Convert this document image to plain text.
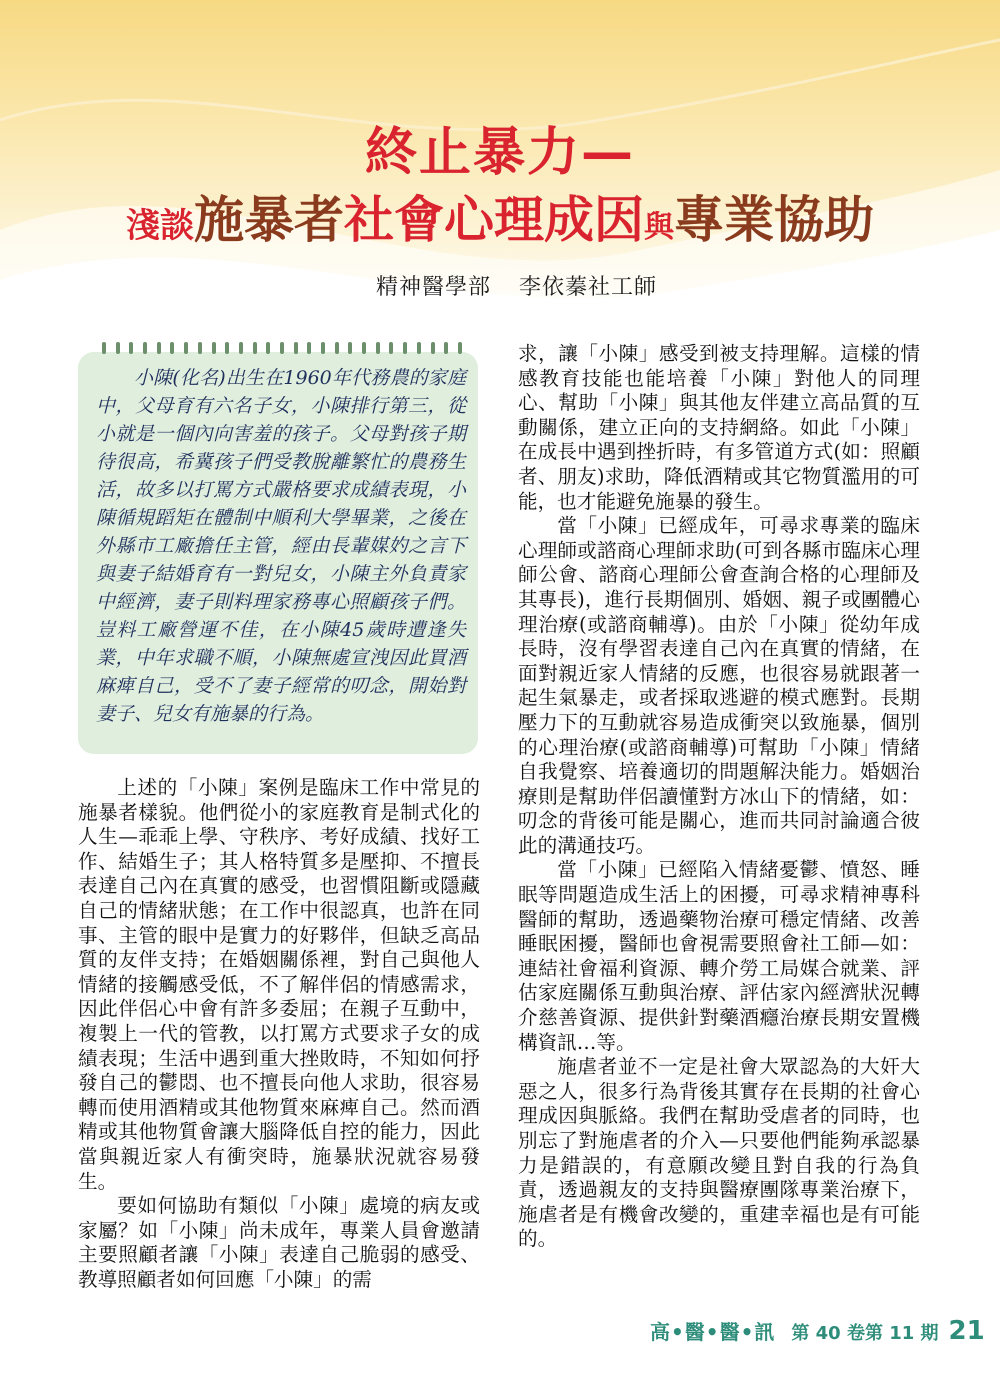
終止暴力—
淺談施暴者社會心理成因與專業協助
精神醫學部 李依蓁社工師
小陳(化名)出生在1960年代務農的家庭中，父母育有六名子女，小陳排行第三，從小就是一個內向害羞的孩子。父母對孩子期待很高，希冀孩子們受教脫離繁忙的農務生活，故多以打罵方式嚴格要求成績表現，小陳循規蹈矩在體制中順利大學畢業，之後在外縣市工廠擔任主管，經由長輩媒妁之言下與妻子結婚育有一對兒女，小陳主外負責家中經濟，妻子則料理家務專心照顧孩子們。豈料工廠營運不佳，在小陳45歲時遭逢失業，中年求職不順，小陳無處宣洩因此買酒麻痺自己，受不了妻子經常的叨念，開始對妻子、兒女有施暴的行為。

上述的「小陳」案例是臨床工作中常見的施暴者樣貌。他們從小的家庭教育是制式化的人生—乖乖上學、守秩序、考好成績、找好工作、結婚生子；其人格特質多是壓抑、不擅長表達自己內在真實的感受，也習慣阻斷或隱藏自己的情緒狀態；在工作中很認真，也許在同事、主管的眼中是實力的好夥伴，但缺乏高品質的友伴支持；在婚姻關係裡，對自己與他人情緒的接觸感受低，不了解伴侶的情感需求，因此伴侶心中會有許多委屈；在親子互動中，複製上一代的管教，以打罵方式要求子女的成績表現；生活中遇到重大挫敗時，不知如何抒發自己的鬱悶、也不擅長向他人求助，很容易轉而使用酒精或其他物質來麻痺自己。然而酒精或其他物質會讓大腦降低自控的能力，因此當與親近家人有衝突時，施暴狀況就容易發生。

要如何協助有類似「小陳」處境的病友或家屬？如「小陳」尚未成年，專業人員會邀請主要照顧者讓「小陳」表達自己脆弱的感受、教導照顧者如何回應「小陳」的需

求，讓「小陳」感受到被支持理解。這樣的情感教育技能也能培養「小陳」對他人的同理心、幫助「小陳」與其他友伴建立高品質的互動關係，建立正向的支持網絡。如此「小陳」在成長中遇到挫折時，有多管道方式(如：照顧者、朋友)求助，降低酒精或其它物質濫用的可能，也才能避免施暴的發生。

當「小陳」已經成年，可尋求專業的臨床心理師或諮商心理師求助(可到各縣市臨床心理師公會、諮商心理師公會查詢合格的心理師及其專長)，進行長期個別、婚姻、親子或團體心理治療(或諮商輔導)。由於「小陳」從幼年成長時，沒有學習表達自己內在真實的情緒，在面對親近家人情緒的反應，也很容易就跟著一起生氣暴走，或者採取逃避的模式應對。長期壓力下的互動就容易造成衝突以致施暴，個別的心理治療(或諮商輔導)可幫助「小陳」情緒自我覺察、培養適切的問題解決能力。婚姻治療則是幫助伴侶讀懂對方冰山下的情緒，如：叨念的背後可能是關心，進而共同討論適合彼此的溝通技巧。

當「小陳」已經陷入情緒憂鬱、憤怒、睡眠等問題造成生活上的困擾，可尋求精神專科醫師的幫助，透過藥物治療可穩定情緒、改善睡眠困擾，醫師也會視需要照會社工師—如：連結社會福利資源、轉介勞工局媒合就業、評估家庭關係互動與治療、評估家內經濟狀況轉介慈善資源、提供針對藥酒癮治療長期安置機構資訊…等。

施虐者並不一定是社會大眾認為的大奸大惡之人，很多行為背後其實存在長期的社會心理成因與脈絡。我們在幫助受虐者的同時，也別忘了對施虐者的介入—只要他們能夠承認暴力是錯誤的，有意願改變且對自我的行為負責，透過親友的支持與醫療團隊專業治療下，施虐者是有機會改變的，重建幸福也是有可能的。

高•醫•醫•訊 第 40 卷第 11 期 21
